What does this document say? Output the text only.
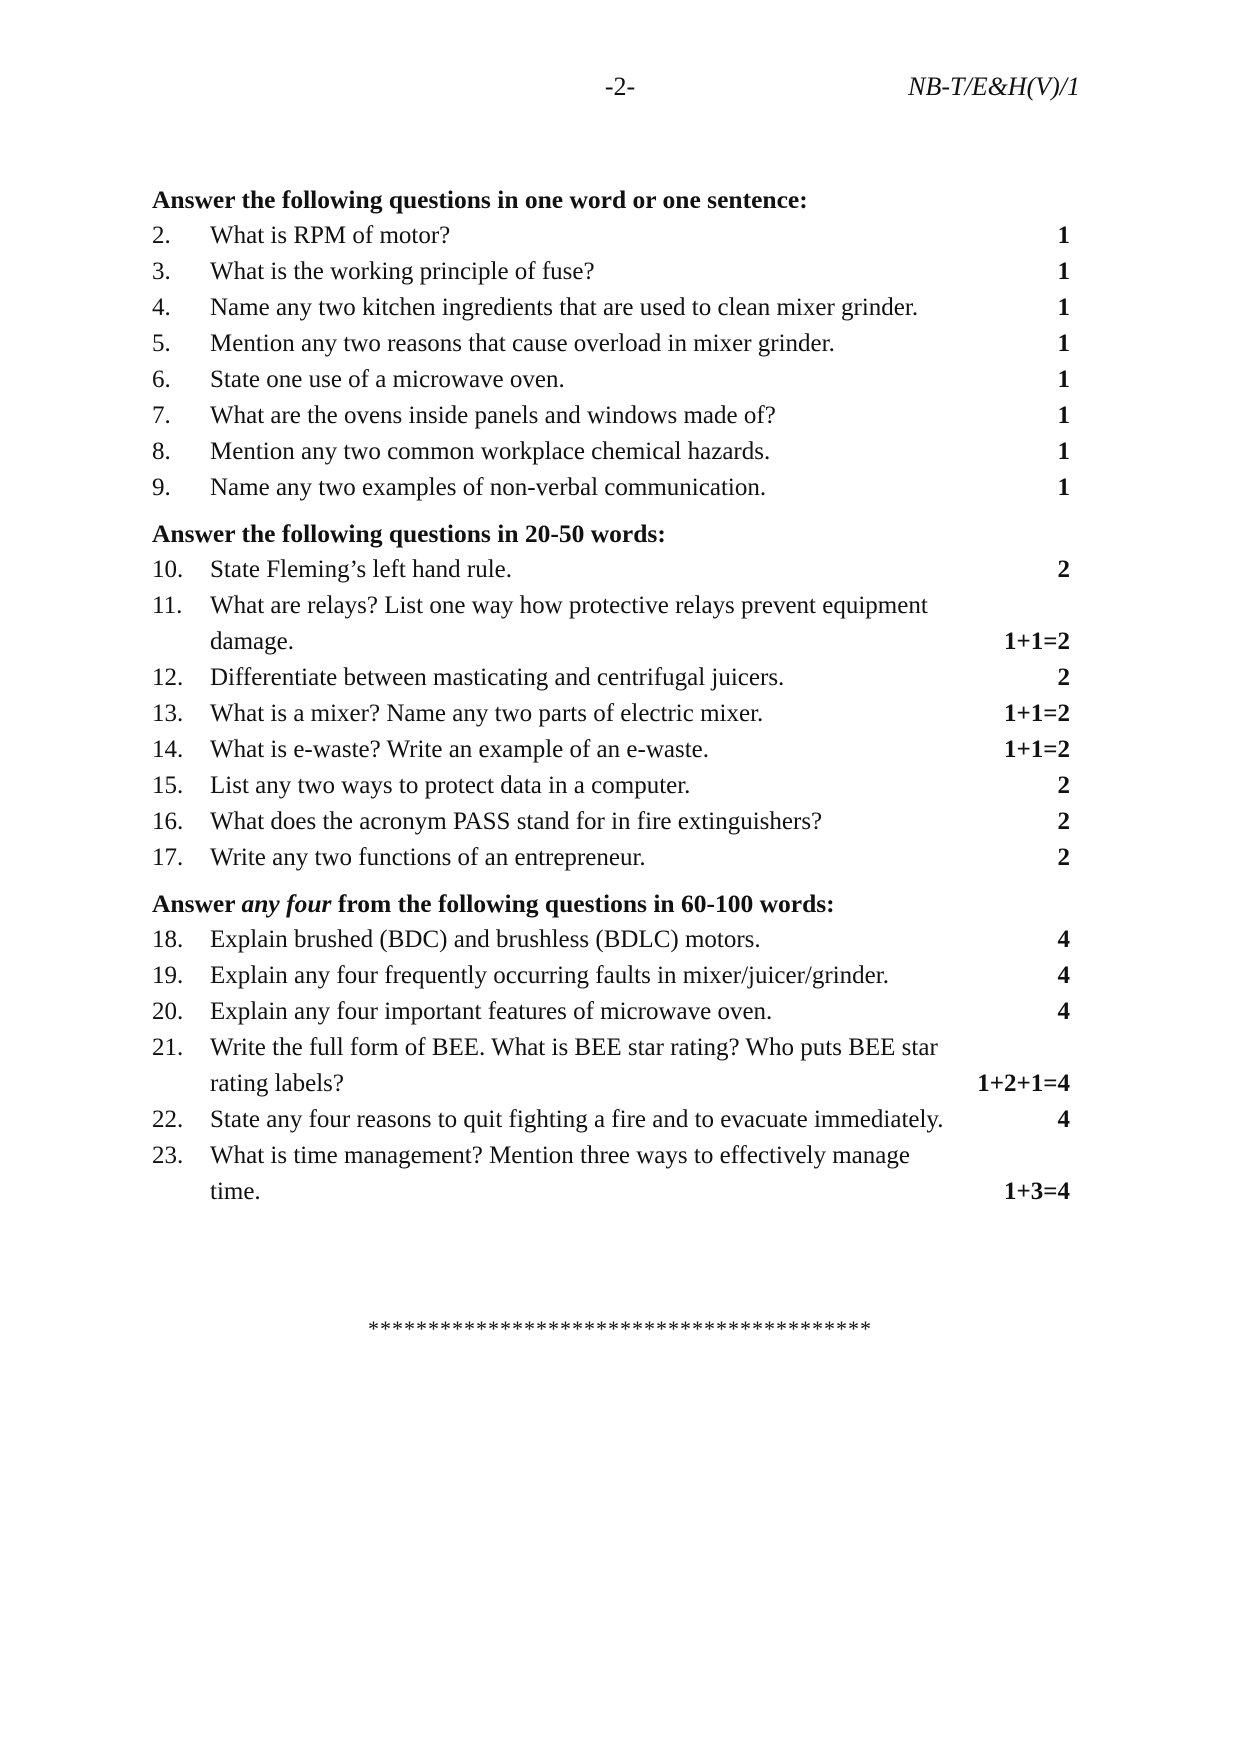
-2-	NB-T/E&H(V)/1
Answer the following questions in one word or one sentence:
2. What is RPM of motor?	1
3. What is the working principle of fuse?	1
4. Name any two kitchen ingredients that are used to clean mixer grinder.	1
5. Mention any two reasons that cause overload in mixer grinder.	1
6. State one use of a microwave oven.	1
7. What are the ovens inside panels and windows made of?	1
8. Mention any two common workplace chemical hazards.	1
9. Name any two examples of non-verbal communication.	1
Answer the following questions in 20-50 words:
10. State Fleming’s left hand rule.	2
11. What are relays? List one way how protective relays prevent equipment damage.	1+1=2
12. Differentiate between masticating and centrifugal juicers.	2
13. What is a mixer? Name any two parts of electric mixer.	1+1=2
14. What is e-waste? Write an example of an e-waste.	1+1=2
15. List any two ways to protect data in a computer.	2
16. What does the acronym PASS stand for in fire extinguishers?	2
17. Write any two functions of an entrepreneur.	2
Answer any four from the following questions in 60-100 words:
18. Explain brushed (BDC) and brushless (BDLC) motors.	4
19. Explain any four frequently occurring faults in mixer/juicer/grinder.	4
20. Explain any four important features of microwave oven.	4
21. Write the full form of BEE. What is BEE star rating? Who puts BEE star rating labels?	1+2+1=4
22. State any four reasons to quit fighting a fire and to evacuate immediately.	4
23. What is time management? Mention three ways to effectively manage time.	1+3=4
******************************************
